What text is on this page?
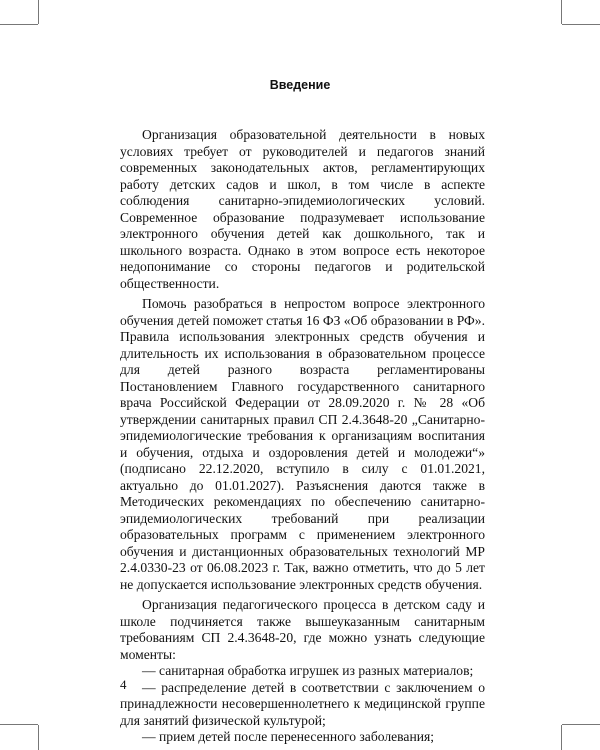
Введение

Организация образовательной деятельности в новых условиях требует от руководителей и педагогов знаний современных законодательных актов, регламентирующих работу детских садов и школ, в том числе в аспекте соблюдения санитарно-эпидемиологических условий. Современное образование подразумевает использование электронного обучения детей как дошкольного, так и школьного возраста. Однако в этом вопросе есть некоторое недопонимание со стороны педагогов и родительской общественности.

Помочь разобраться в непростом вопросе электронного обучения детей поможет статья 16 ФЗ «Об образовании в РФ». Правила использования электронных средств обучения и длительность их использования в образовательном процессе для детей разного возраста регламентированы Постановлением Главного государственного санитарного врача Российской Федерации от 28.09.2020 г. № 28 «Об утверждении санитарных правил СП 2.4.3648-20 „Санитарно-эпидемиологические требования к организациям воспитания и обучения, отдыха и оздоровления детей и молодежи“» (подписано 22.12.2020, вступило в силу с 01.01.2021, актуально до 01.01.2027). Разъяснения даются также в Методических рекомендациях по обеспечению санитарно-эпидемиологических требований при реализации образовательных программ с применением электронного обучения и дистанционных образовательных технологий МР 2.4.0330-23 от 06.08.2023 г. Так, важно отметить, что до 5 лет не допускается использование электронных средств обучения.

Организация педагогического процесса в детском саду и школе подчиняется также вышеуказанным санитарным требованиям СП 2.4.3648-20, где можно узнать следующие моменты:

— санитарная обработка игрушек из разных материалов;
— распределение детей в соответствии с заключением о принадлежности несовершеннолетнего к медицинской группе для занятий физической культурой;
— прием детей после перенесенного заболевания;
4
